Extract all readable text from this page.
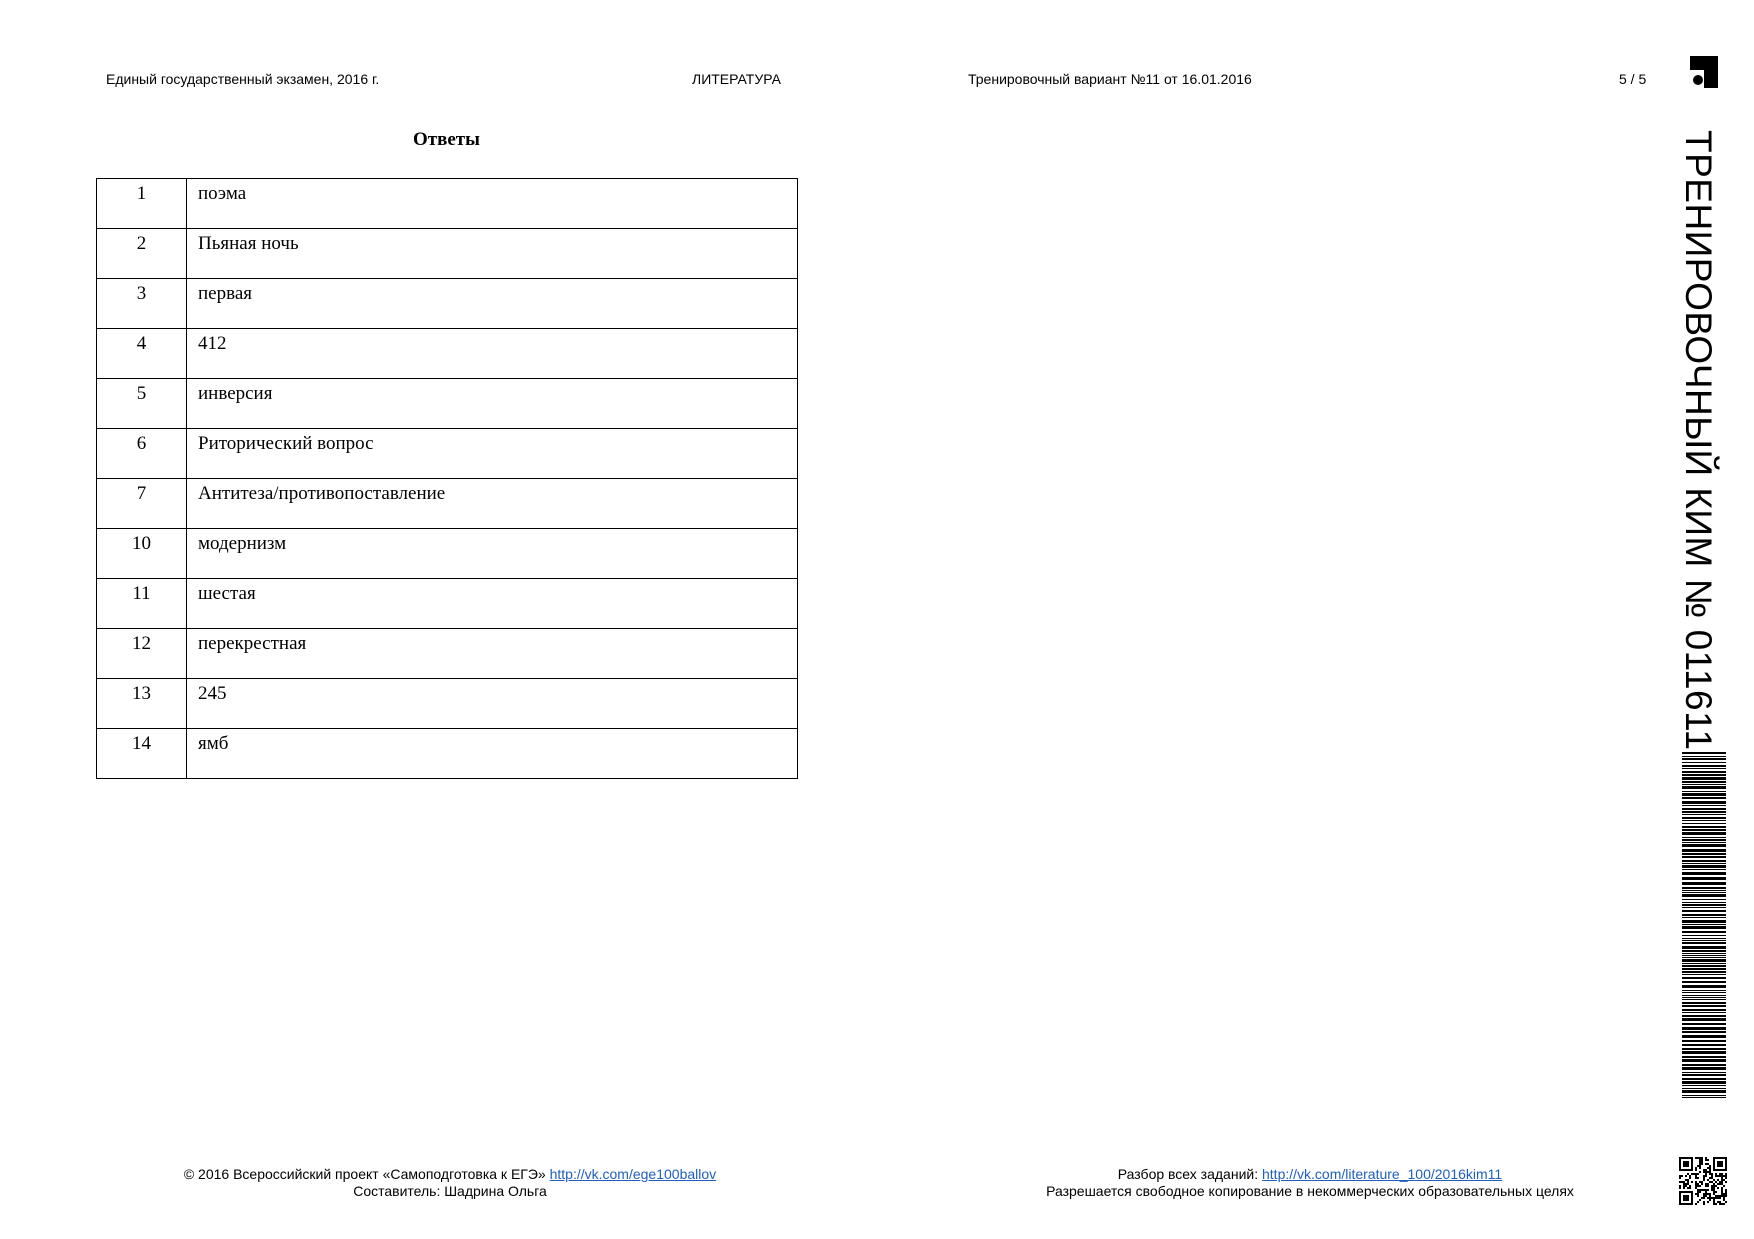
Единый государственный экзамен, 2016 г.	ЛИТЕРАТУРА	Тренировочный вариант №11 от 16.01.2016	5 / 5
Ответы
1	поэма
2	Пьяная ночь
3	первая
4	412
5	инверсия
6	Риторический вопрос
7	Антитеза/противопоставление
10	модернизм
11	шестая
12	перекрестная
13	245
14	ямб
© 2016 Всероссийский проект «Самоподготовка к ЕГЭ» http://vk.com/ege100ballov
Составитель: Шадрина Ольга
Разбор всех заданий: http://vk.com/literature_100/2016kim11
Разрешается свободное копирование в некоммерческих образовательных целях
ТРЕНИРОВОЧНЫЙ КИМ № 011611
